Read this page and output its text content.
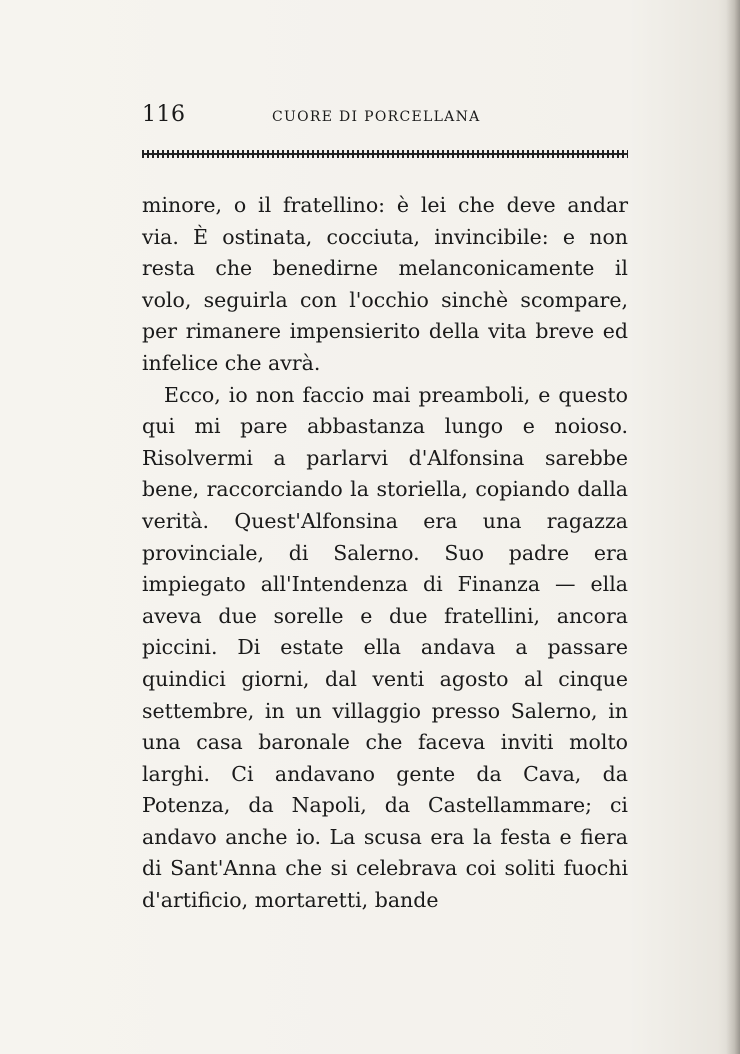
116	CUORE DI PORCELLANA

minore, o il fratellino: è lei che deve andar via. È ostinata, cocciuta, invincibile: e non resta che benedirne melanconicamente il volo, seguirla con l'occhio sinchè scompare, per rimanere impensierito della vita breve ed infelice che avrà.

Ecco, io non faccio mai preamboli, e questo qui mi pare abbastanza lungo e noioso. Risolvermi a parlarvi d'Alfonsina sarebbe bene, raccorciando la storiella, copiando dalla verità. Quest'Alfonsina era una ragazza provinciale, di Salerno. Suo padre era impiegato all'Intendenza di Finanza — ella aveva due sorelle e due fratellini, ancora piccini. Di estate ella andava a passare quindici giorni, dal venti agosto al cinque settembre, in un villaggio presso Salerno, in una casa baronale che faceva inviti molto larghi. Ci andavano gente da Cava, da Potenza, da Napoli, da Castellammare; ci andavo anche io. La scusa era la festa e fiera di Sant'Anna che si celebrava coi soliti fuochi d'artificio, mortaretti, bande
